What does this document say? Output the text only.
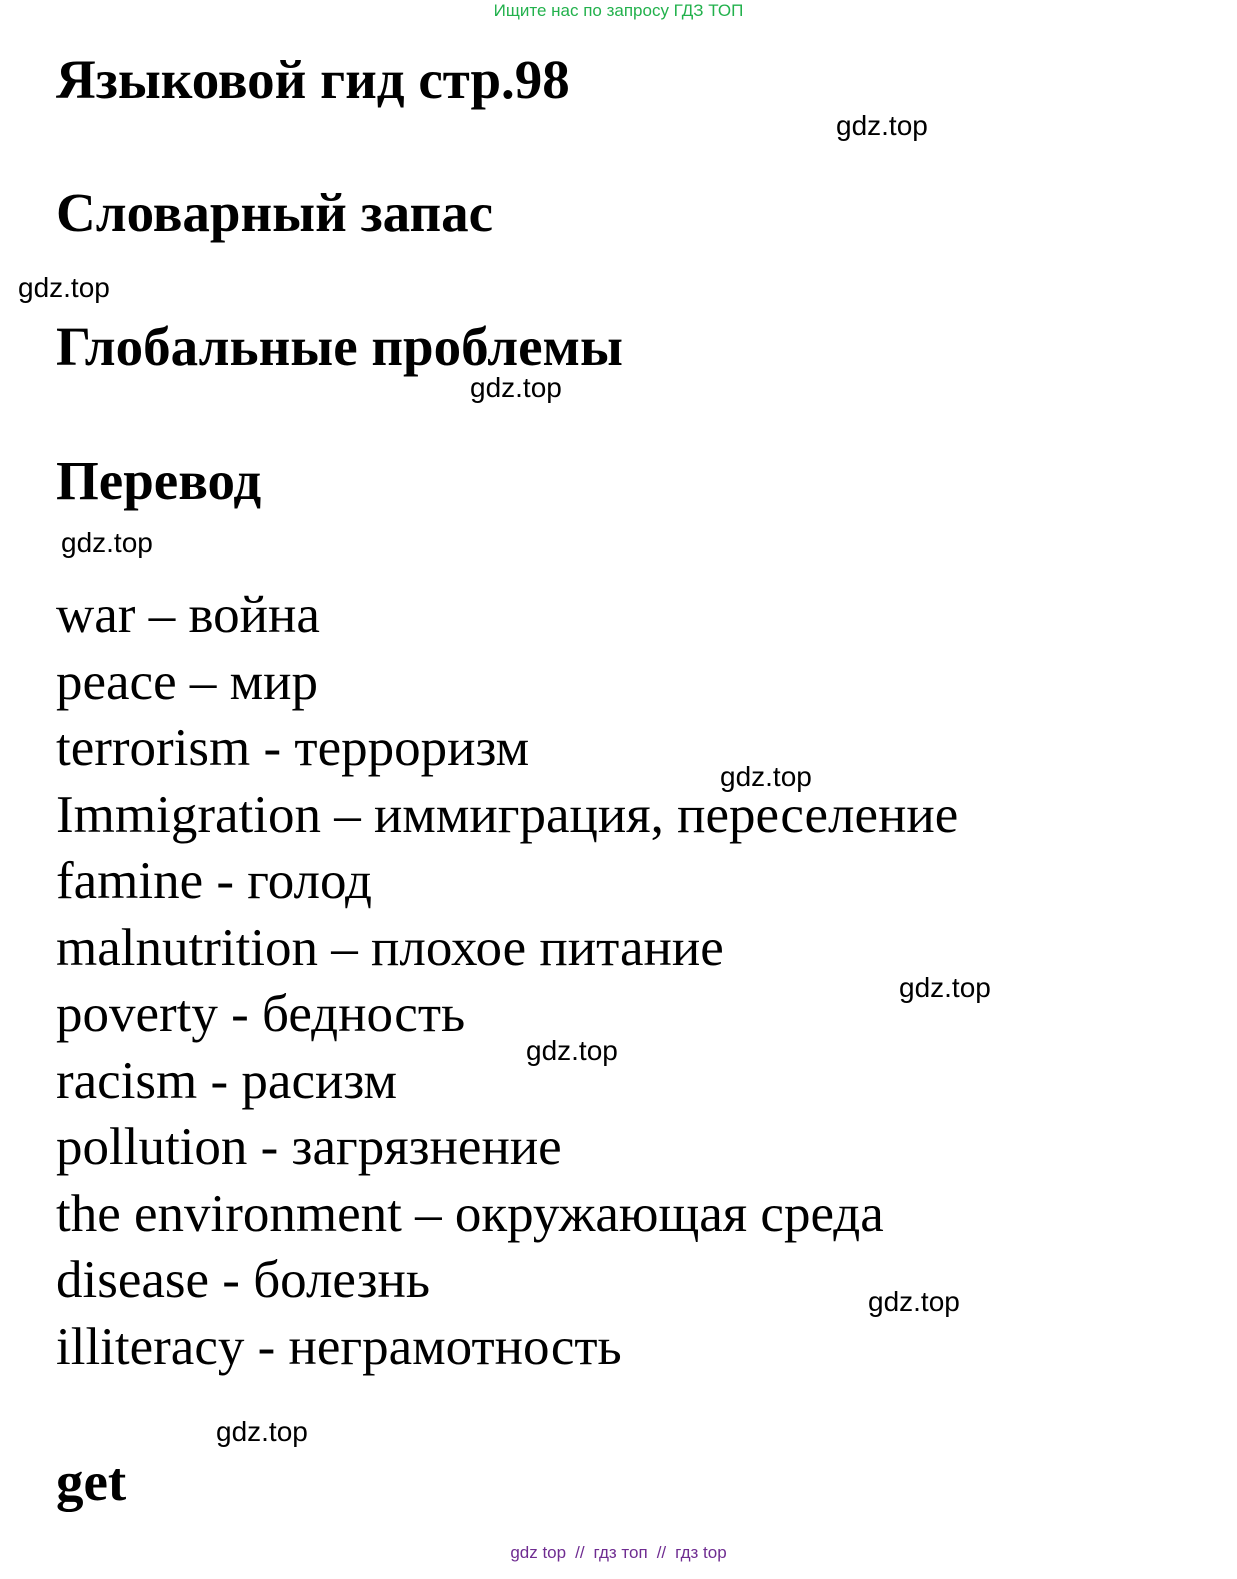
Ищите нас по запросу ГДЗ ТОП
Языковой гид стр.98
Словарный запас
Глобальные проблемы
Перевод
war – война
peace – мир
terrorism - терроризм
Immigration – иммиграция, переселение
famine - голод
malnutrition – плохое питание
poverty - бедность
racism - расизм
pollution - загрязнение
the environment – окружающая среда
disease - болезнь
illiteracy - неграмотность
get
gdz.top
gdz.top
gdz.top
gdz.top
gdz.top
gdz.top
gdz.top
gdz.top
gdz.top
gdz top // гдз топ // гдз top
